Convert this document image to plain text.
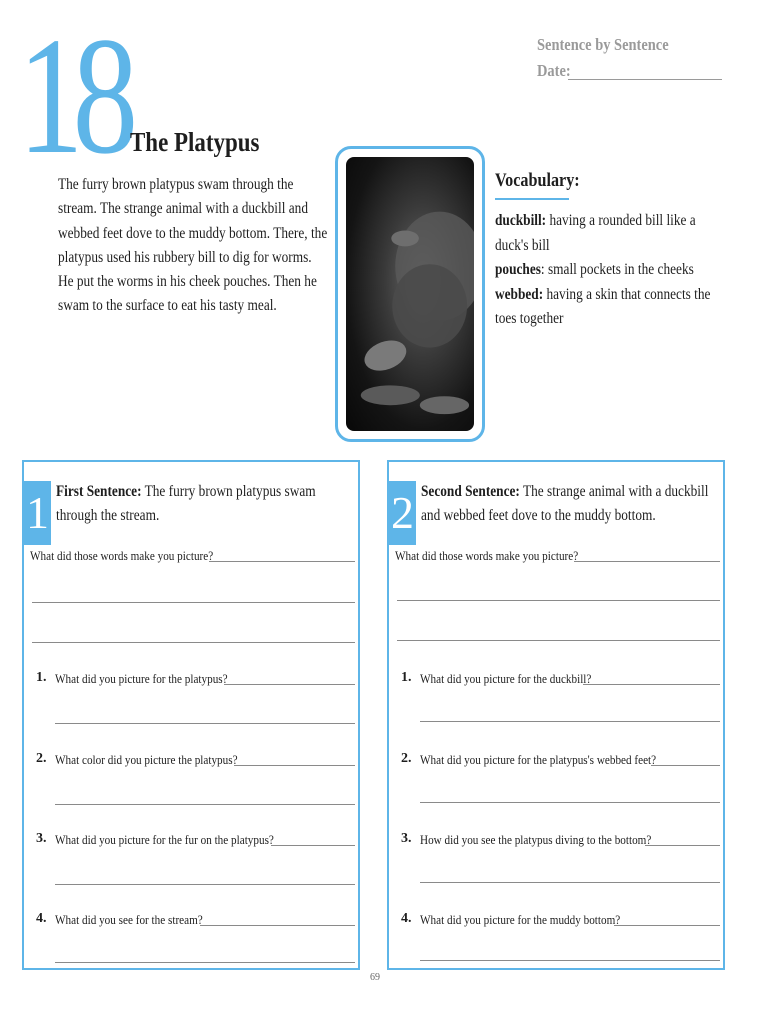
18 The Platypus
Sentence by Sentence
Date:

The furry brown platypus swam through the stream. The strange animal with a duckbill and webbed feet dove to the muddy bottom. There, the platypus used his rubbery bill to dig for worms. He put the worms in his cheek pouches. Then he swam to the surface to eat his tasty meal.

Vocabulary:
duckbill: having a rounded bill like a duck's bill
pouches: small pockets in the cheeks
webbed: having a skin that connects the toes together
1 First Sentence: The furry brown platypus swam through the stream.

What did those words make you picture?
1. What did you picture for the platypus?
2. What color did you picture the platypus?
3. What did you picture for the fur on the platypus?
4. What did you see for the stream?
2 Second Sentence: The strange animal with a duckbill and webbed feet dove to the muddy bottom.

What did those words make you picture?
1. What did you picture for the duckbill?
2. What did you picture for the platypus's webbed feet?
3. How did you see the platypus diving to the bottom?
4. What did you picture for the muddy bottom?
69
